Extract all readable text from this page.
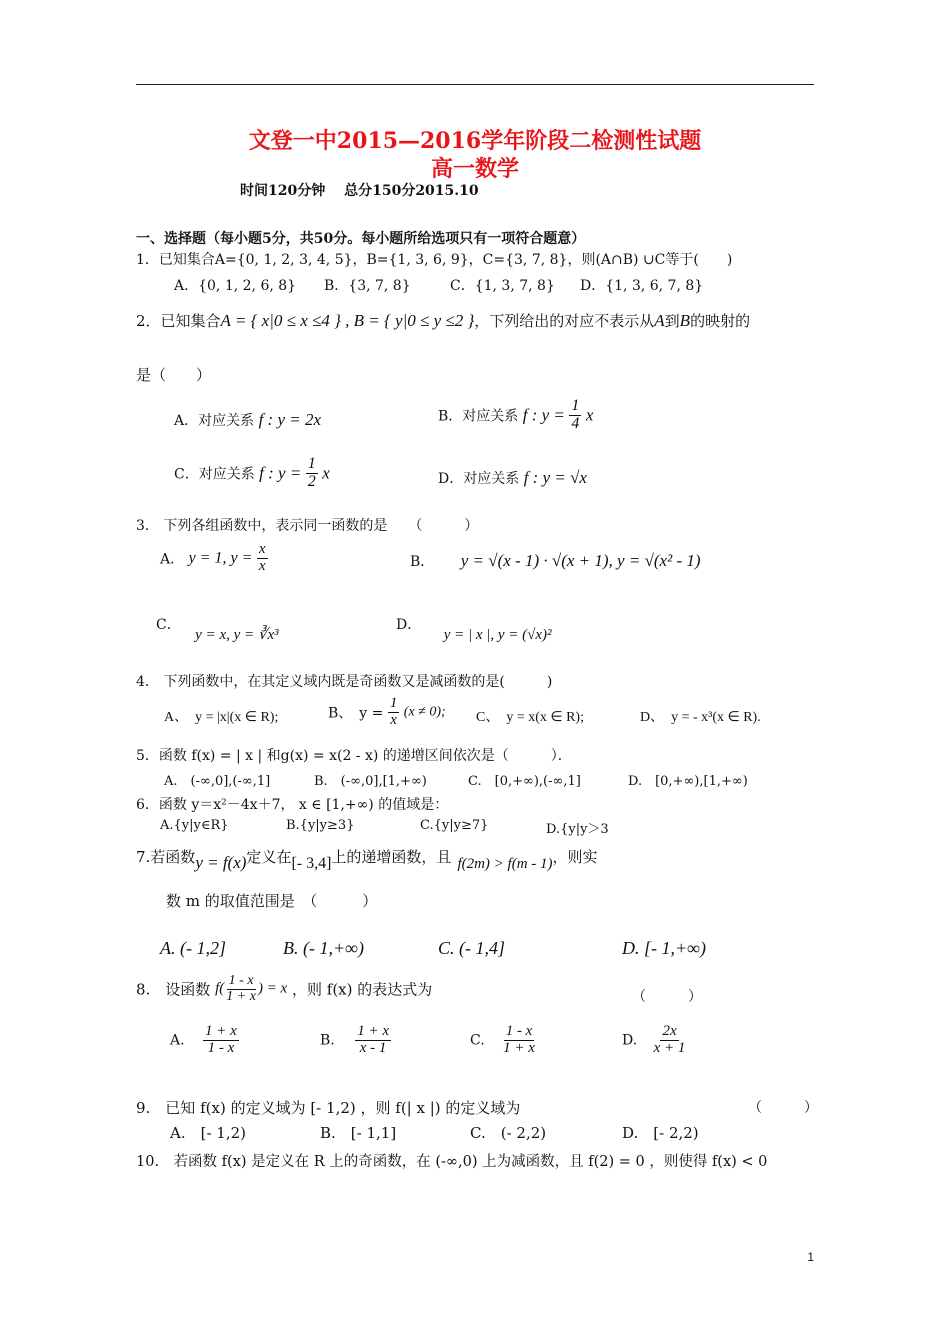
文登一中2015—2016学年阶段二检测性试题
高一数学
时间120分钟　 总分150分2015.10
一、选择题（每小题5分，共50分。每小题所给选项只有一项符合题意）
1．已知集合A={0, 1, 2, 3, 4, 5}，B={1, 3, 6, 9}，C={3, 7, 8}，则(A∩B) ∪C等于(　　)
A．{0, 1, 2, 6, 8} B．{3, 7, 8}	C．{1, 3, 7, 8} D．{1, 3, 6, 7, 8}
2．已知集合A = { x|0 ≤ x ≤4 } , B = { y|0 ≤ y ≤2 }，下列给出的对应不表示从A到B的映射的
是（　　）
A．对应关系 f : y = 2x	B．对应关系 f : $y = \frac{1}{4}$ x
C．对应关系 f : $y = \frac{1}{2}$ x	D．对应关系 f : y = √x
3． 下列各组函数中，表示同一函数的是　　（　　　）
A． y = 1, $y = \frac{x}{x}$	B． y = √(x - 1) · √(x + 1), y = √(x² - 1)
C． y = x, y = ∛x³
D． y = | x |, y = (√x)²
4． 下列函数中，在其定义域内既是奇函数又是减函数的是(　　　)
A、　y = |x|(x ∈ R);	B、　$y = \frac{1}{x} (x \ne 0)$; C、　y = x(x ∈ R);	D、　y = - x³(x ∈ R).
5．函数 f(x) = | x | 和g(x) = x(2 - x) 的递增区间依次是（　　　）．
A.　(-∞,0],(-∞,1]	B.　(-∞,0],[1,+∞)	C.　[0,+∞),(-∞,1]	D.　[0,+∞),[1,+∞)
6．函数 y＝x²－4x＋7， x ∈ [1,+∞) 的值域是：
A.{y|y∈R}	B.{y|y≥3}	C.{y|y≥7}	D.{y|y＞3
7.若函数y = f(x)定义在[- 3,4]上的递增函数，且 f(2m) > f(m - 1)，则实
数 m 的取值范围是　（　　　）
A. (- 1,2]	B. (- 1,+∞)	C. (- 1,4]	D. [- 1,+∞)
8.　设函数 $f( \frac{1 - x}{1 + x}$ ) = x ，则 f(x) 的表达式为	（　　　）
A. $\frac{1 + x}{1 - x}$	B. $\frac{1 + x}{x - 1}$	C. $\frac{1 - x}{1 + x}$	D. $\frac{2x}{x + 1}$
9.　已知 f(x) 的定义域为 [- 1,2) ，则 f(| x |) 的定义域为	（　　　）
A.　[- 1,2)	B.　[- 1,1]	C.　(- 2,2)	D.　[- 2,2)
10.　若函数 f(x) 是定义在 R 上的奇函数，在 (-∞,0) 上为减函数，且 f(2) = 0 ，则使得 f(x) < 0
1
